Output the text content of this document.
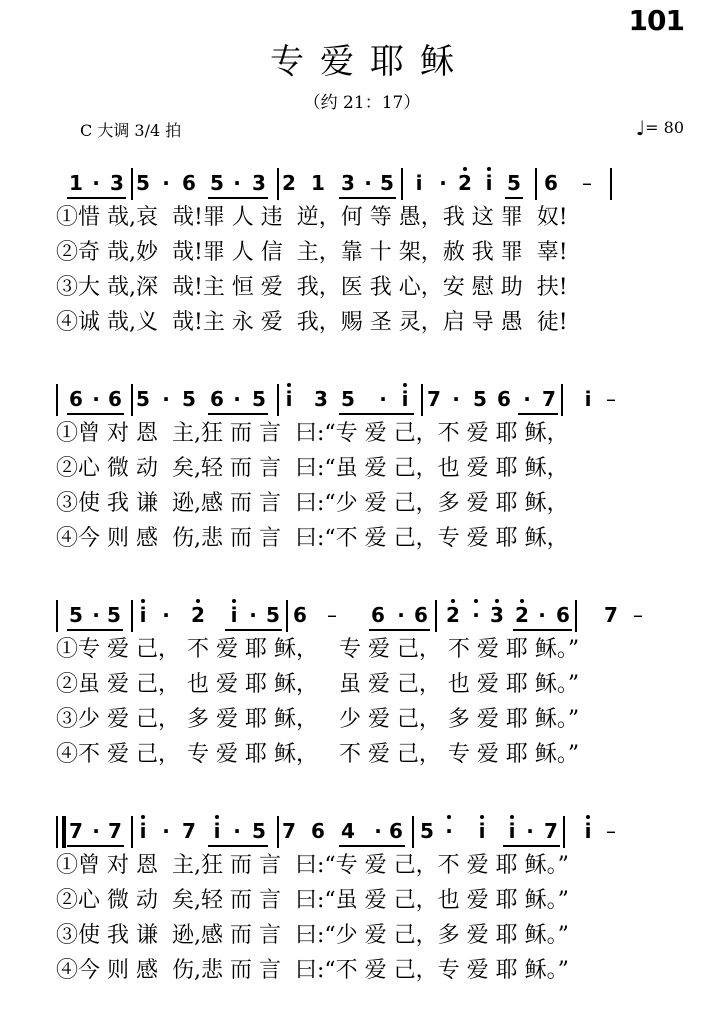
101
专爱耶稣
（约 21：17）
C 大调 3/4 拍	♩= 80
1 · 3 5 · 6 5 · 3 2 1 3 · 5	i · 2 i 5 6	–
①惜 哉,哀  哉!罪 人 违  逆，何 等 愚，我 这 罪  奴!
②奇 哉,妙  哉!罪 人 信  主，靠 十 架，赦 我 罪  辜!
③大 哉,深  哉!主 恒 爱  我，医 我 心，安 慰 助  扶!
④诚 哉,义  哉!主 永 爱  我，赐 圣 灵，启 导 愚  徒!
6 · 6 5 · 5 6 · 5 i	3 5	· i 7 · 5 6 · 7	i –
①曾 对 恩  主,狂 而 言  曰:“专 爱 己，不 爱 耶 稣，
②心 微 动  矣,轻 而 言  曰:“虽 爱 己，也 爱 耶 稣，
③使 我 谦  逊,感 而 言  曰:“少 爱 己，多 爱 耶 稣，
④今 则 感  伤,悲 而 言  曰:“不 爱 己，专 爱 耶 稣，
5 · 5 i ·	2	i · 5 6	–	6 · 6 2 · 3 2 · 6 7 –
①专 爱 己， 不 爱 耶 稣，   专 爱 己， 不 爱 耶 稣。”
②虽 爱 己， 也 爱 耶 稣，   虽 爱 己， 也 爱 耶 稣。”
③少 爱 己， 多 爱 耶 稣，   少 爱 己， 多 爱 耶 稣。”
④不 爱 己， 专 爱 耶 稣，   不 爱 己， 专 爱 耶 稣。”
7 · 7 i · 7 i · 5 7 6 4 · 6 5 ·	i	i · 7	i –
①曾 对 恩  主,狂 而 言  曰:“专 爱 己，不 爱 耶 稣。”
②心 微 动  矣,轻 而 言  曰:“虽 爱 己，也 爱 耶 稣。”
③使 我 谦  逊,感 而 言  曰:“少 爱 己，多 爱 耶 稣。”
④今 则 感  伤,悲 而 言  曰:“不 爱 己，专 爱 耶 稣。”
